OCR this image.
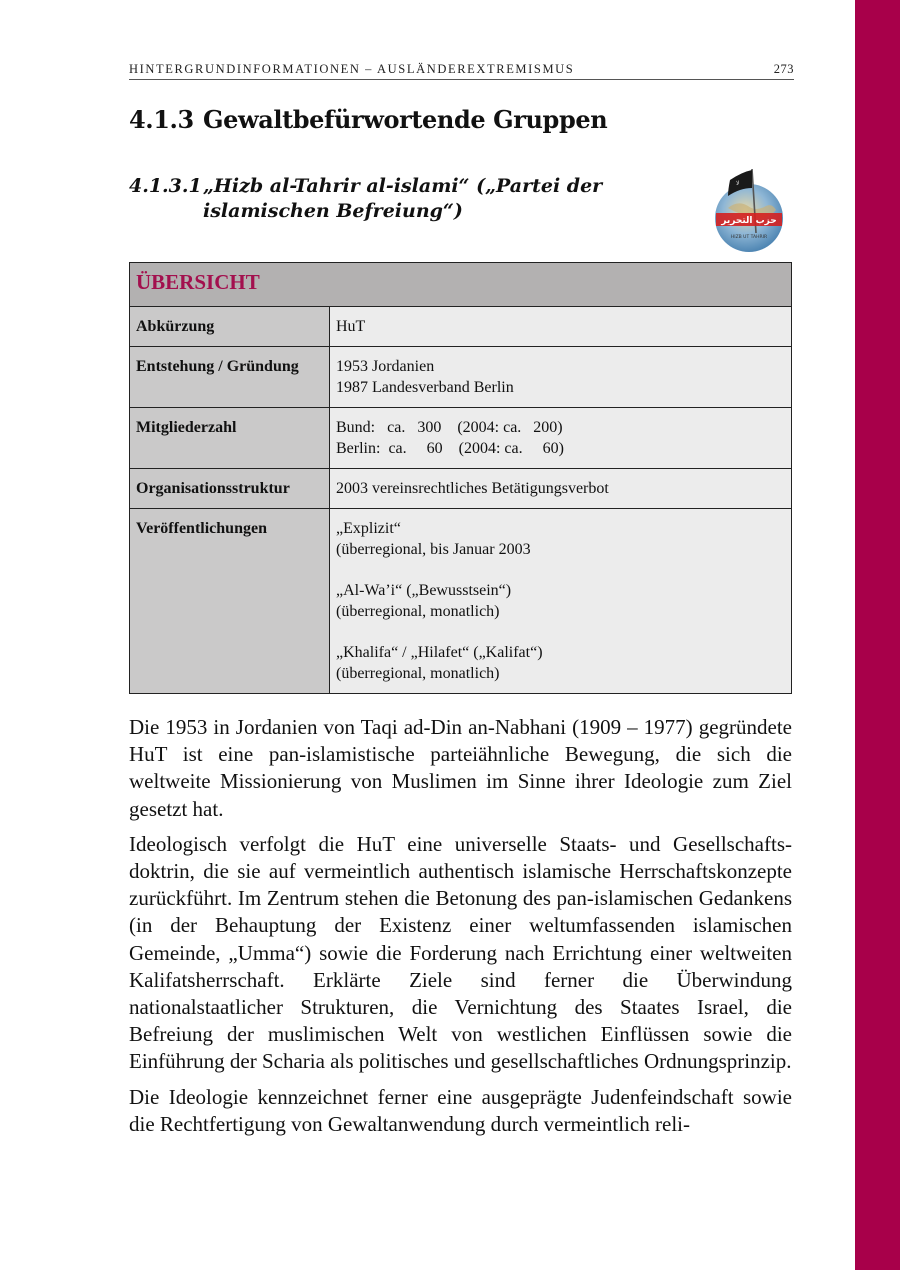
HINTERGRUNDINFORMATIONEN – AUSLÄNDEREXTREMISMUS	273
4.1.3 Gewaltbefürwortende Gruppen
4.1.3.1 „Hizb al-Tahrir al-islami“ („Partei der islamischen Befreiung“)
ﻻ
حزب التحرير
HIZB UT TAHRIR
ÜBERSICHT	
Abkürzung	HuT

Entstehung / Gründung	1953 Jordanien
1987 Landesverband Berlin

Mitgliederzahl	Bund:   ca.   300    (2004: ca.   200)
Berlin:  ca.     60    (2004: ca.     60)

Organisationsstruktur	2003 vereinsrechtliches Betätigungsverbot

Veröffentlichungen	„Explizit“
(überregional, bis Januar 2003
„Al-Wa’i“ („Bewusstsein“)
(überregional, monatlich)
„Khalifa“ / „Hilafet“ („Kalifat“)
(überregional, monatlich)

Die 1953 in Jordanien von Taqi ad-Din an-Nabhani (1909 – 1977) gegründete HuT ist eine pan-islamistische parteiähnliche Bewegung, die sich die weltweite Missionierung von Muslimen im Sinne ihrer Ideologie zum Ziel gesetzt hat.

Ideologisch verfolgt die HuT eine universelle Staats- und Gesellschaftsdoktrin, die sie auf vermeintlich authentisch islamische Herrschaftskonzepte zurückführt. Im Zentrum stehen die Betonung des pan-islamischen Gedankens (in der Behauptung der Existenz einer weltumfassenden islamischen Gemeinde, „Umma“) sowie die Forderung nach Errichtung einer weltweiten Kalifatsherrschaft. Erklärte Ziele sind ferner die Überwindung nationalstaatlicher Strukturen, die Vernichtung des Staates Israel, die Befreiung der muslimischen Welt von westlichen Einflüssen sowie die Einführung der Scharia als politisches und gesellschaftliches Ordnungsprinzip.

Die Ideologie kennzeichnet ferner eine ausgeprägte Judenfeindschaft sowie die Rechtfertigung von Gewaltanwendung durch vermeintlich reli-
